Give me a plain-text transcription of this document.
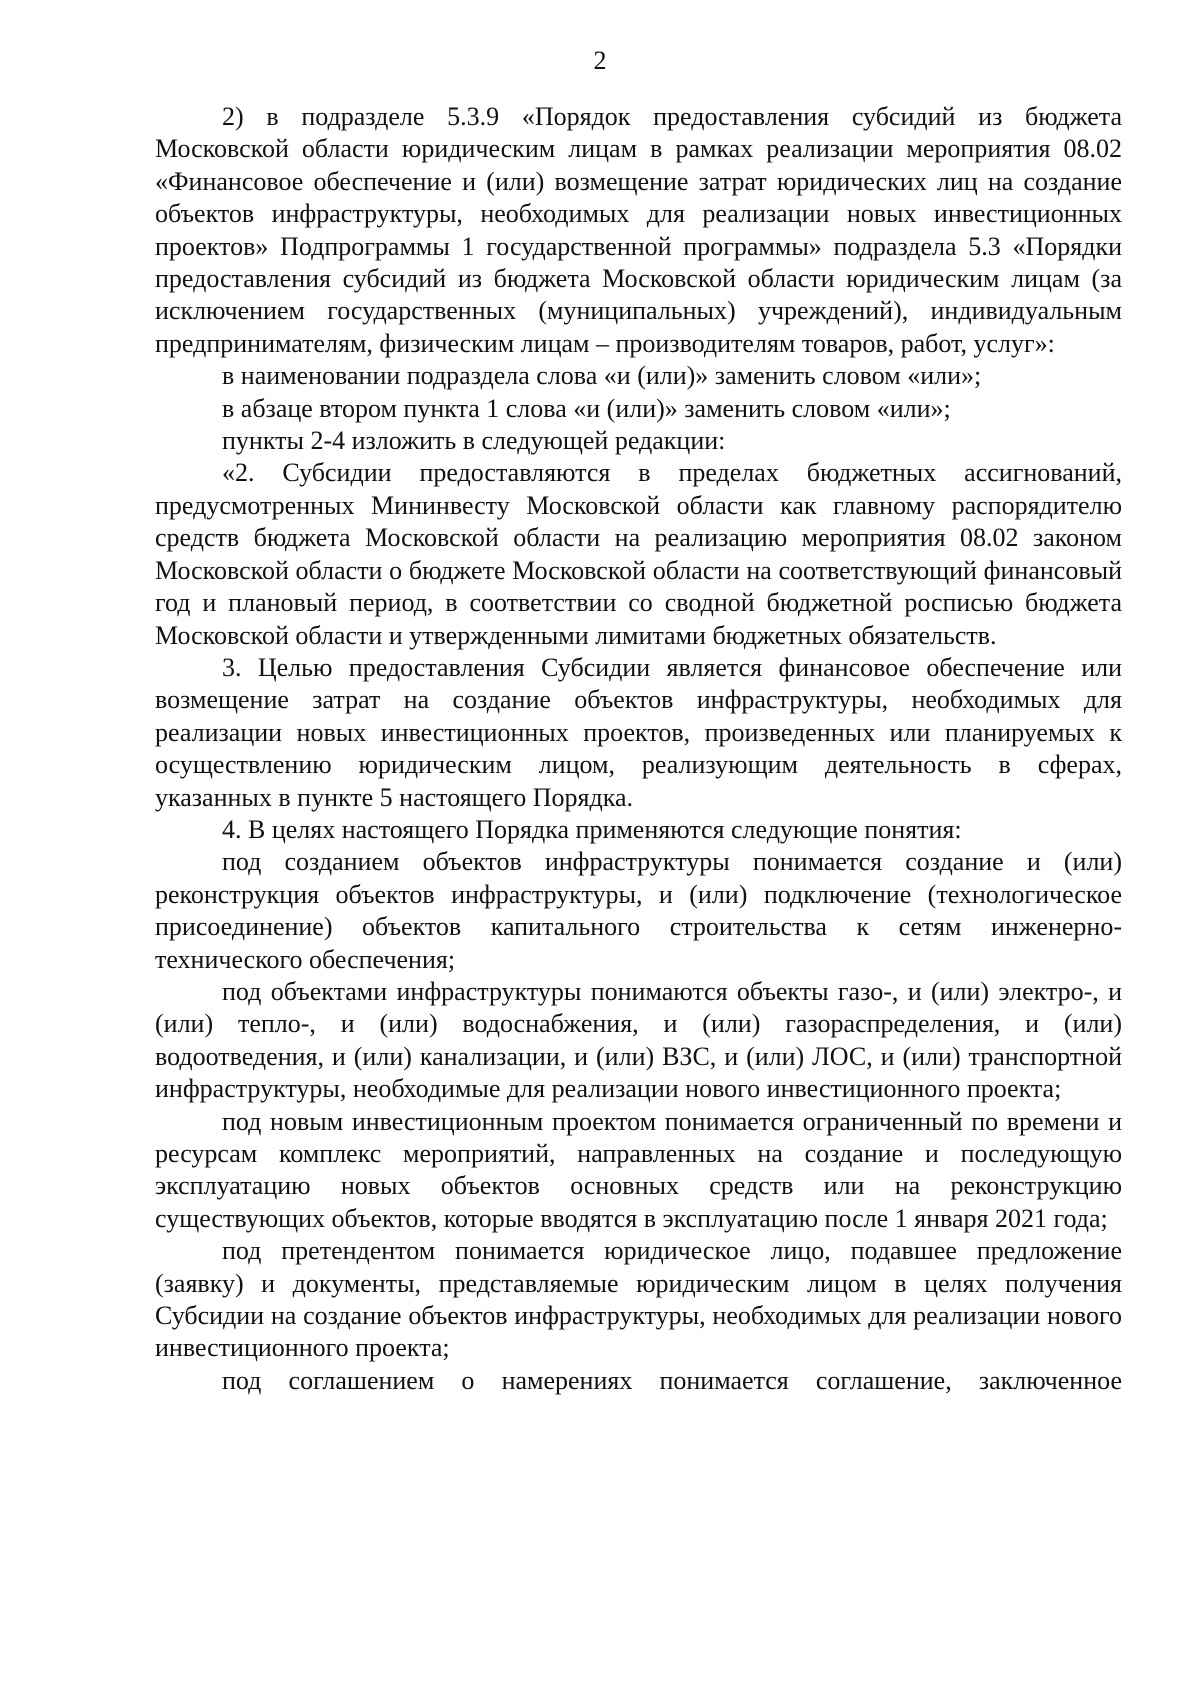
2

2) в подразделе 5.3.9 «Порядок предоставления субсидий из бюджета Московской области юридическим лицам в рамках реализации мероприятия 08.02 «Финансовое обеспечение и (или) возмещение затрат юридических лиц на создание объектов инфраструктуры, необходимых для реализации новых инвестиционных проектов» Подпрограммы 1 государственной программы» подраздела 5.3 «Порядки предоставления субсидий из бюджета Московской области юридическим лицам (за исключением государственных (муниципальных) учреждений), индивидуальным предпринимателям, физическим лицам – производителям товаров, работ, услуг»:

в наименовании подраздела слова «и (или)» заменить словом «или»;

в абзаце втором пункта 1 слова «и (или)» заменить словом «или»;

пункты 2-4 изложить в следующей редакции:

«2. Субсидии предоставляются в пределах бюджетных ассигнований, предусмотренных Мининвесту Московской области как главному распорядителю средств бюджета Московской области на реализацию мероприятия 08.02 законом Московской области о бюджете Московской области на соответствующий финансовый год и плановый период, в соответствии со сводной бюджетной росписью бюджета Московской области и утвержденными лимитами бюджетных обязательств.

3. Целью предоставления Субсидии является финансовое обеспечение или возмещение затрат на создание объектов инфраструктуры, необходимых для реализации новых инвестиционных проектов, произведенных или планируемых к осуществлению юридическим лицом, реализующим деятельность в сферах, указанных в пункте 5 настоящего Порядка.

4. В целях настоящего Порядка применяются следующие понятия:

под созданием объектов инфраструктуры понимается создание и (или) реконструкция объектов инфраструктуры, и (или) подключение (технологическое присоединение) объектов капитального строительства к сетям инженерно-технического обеспечения;

под объектами инфраструктуры понимаются объекты газо-, и (или) электро-, и (или) тепло-, и (или) водоснабжения, и (или) газораспределения, и (или) водоотведения, и (или) канализации, и (или) ВЗС, и (или) ЛОС, и (или) транспортной инфраструктуры, необходимые для реализации нового инвестиционного проекта;

под новым инвестиционным проектом понимается ограниченный по времени и ресурсам комплекс мероприятий, направленных на создание и последующую эксплуатацию новых объектов основных средств или на реконструкцию существующих объектов, которые вводятся в эксплуатацию после 1 января 2021 года;

под претендентом понимается юридическое лицо, подавшее предложение (заявку) и документы, представляемые юридическим лицом в целях получения Субсидии на создание объектов инфраструктуры, необходимых для реализации нового инвестиционного проекта;

под соглашением о намерениях понимается соглашение, заключенное
